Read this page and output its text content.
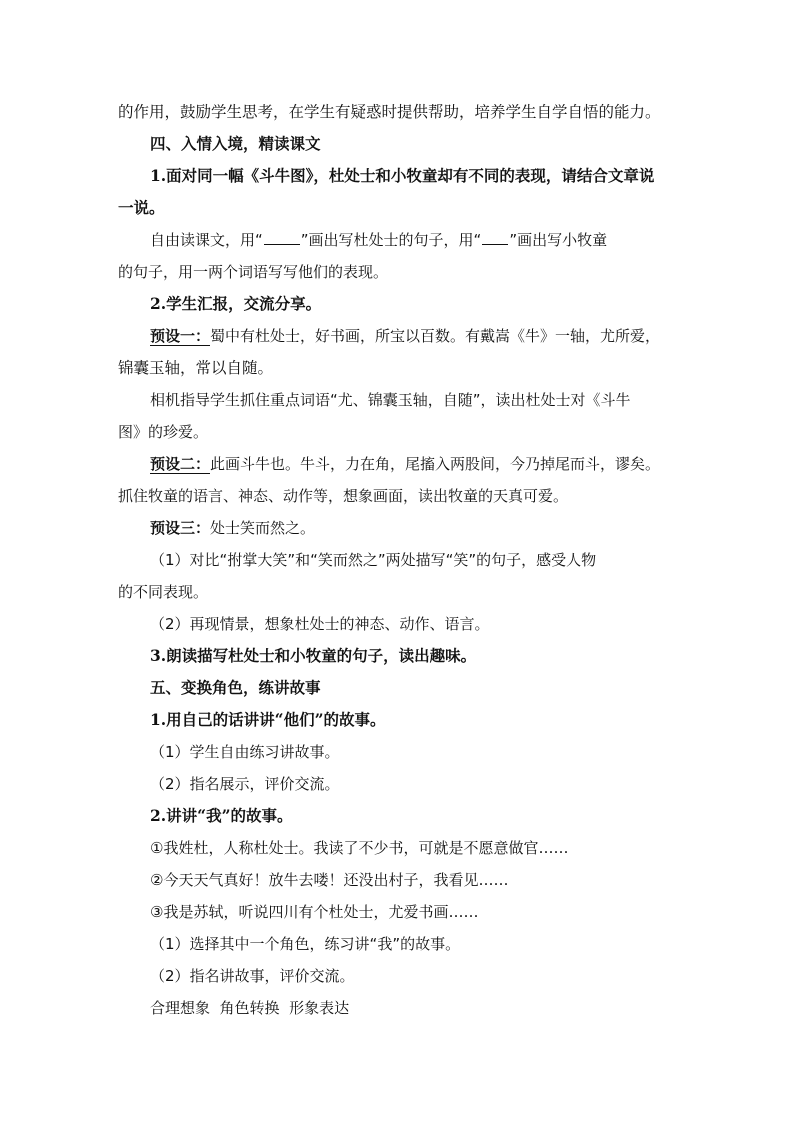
的作用，鼓励学生思考，在学生有疑惑时提供帮助，培养学生自学自悟的能力。
四、入情入境，精读课文
1.面对同一幅《斗牛图》，杜处士和小牧童却有不同的表现，请结合文章说
一说。
自由读课文，用“	”画出写杜处士的句子，用“ ”画出写小牧童
的句子，用一两个词语写写他们的表现。
2.学生汇报，交流分享。
预设一：蜀中有杜处士，好书画，所宝以百数。有戴嵩《牛》一轴，尤所爱，
锦囊玉轴，常以自随。
相机指导学生抓住重点词语“尤、锦囊玉轴，自随”，读出杜处士对《斗牛
图》的珍爱。
预设二：此画斗牛也。牛斗，力在角，尾搐入两股间，今乃掉尾而斗，谬矣。
抓住牧童的语言、神态、动作等，想象画面，读出牧童的天真可爱。
预设三：处士笑而然之。
（1）对比“拊掌大笑”和“笑而然之”两处描写“笑”的句子，感受人物
的不同表现。
（2）再现情景，想象杜处士的神态、动作、语言。
3.朗读描写杜处士和小牧童的句子，读出趣味。
五、变换角色，练讲故事
1.用自己的话讲讲“他们”的故事。
（1）学生自由练习讲故事。
（2）指名展示，评价交流。
2.讲讲“我”的故事。
①我姓杜，人称杜处士。我读了不少书，可就是不愿意做官……
②今天天气真好！放牛去喽！还没出村子，我看见……
③我是苏轼，听说四川有个杜处士，尤爱书画……
（1）选择其中一个角色，练习讲“我”的故事。
（2）指名讲故事，评价交流。
合理想象  角色转换  形象表达
